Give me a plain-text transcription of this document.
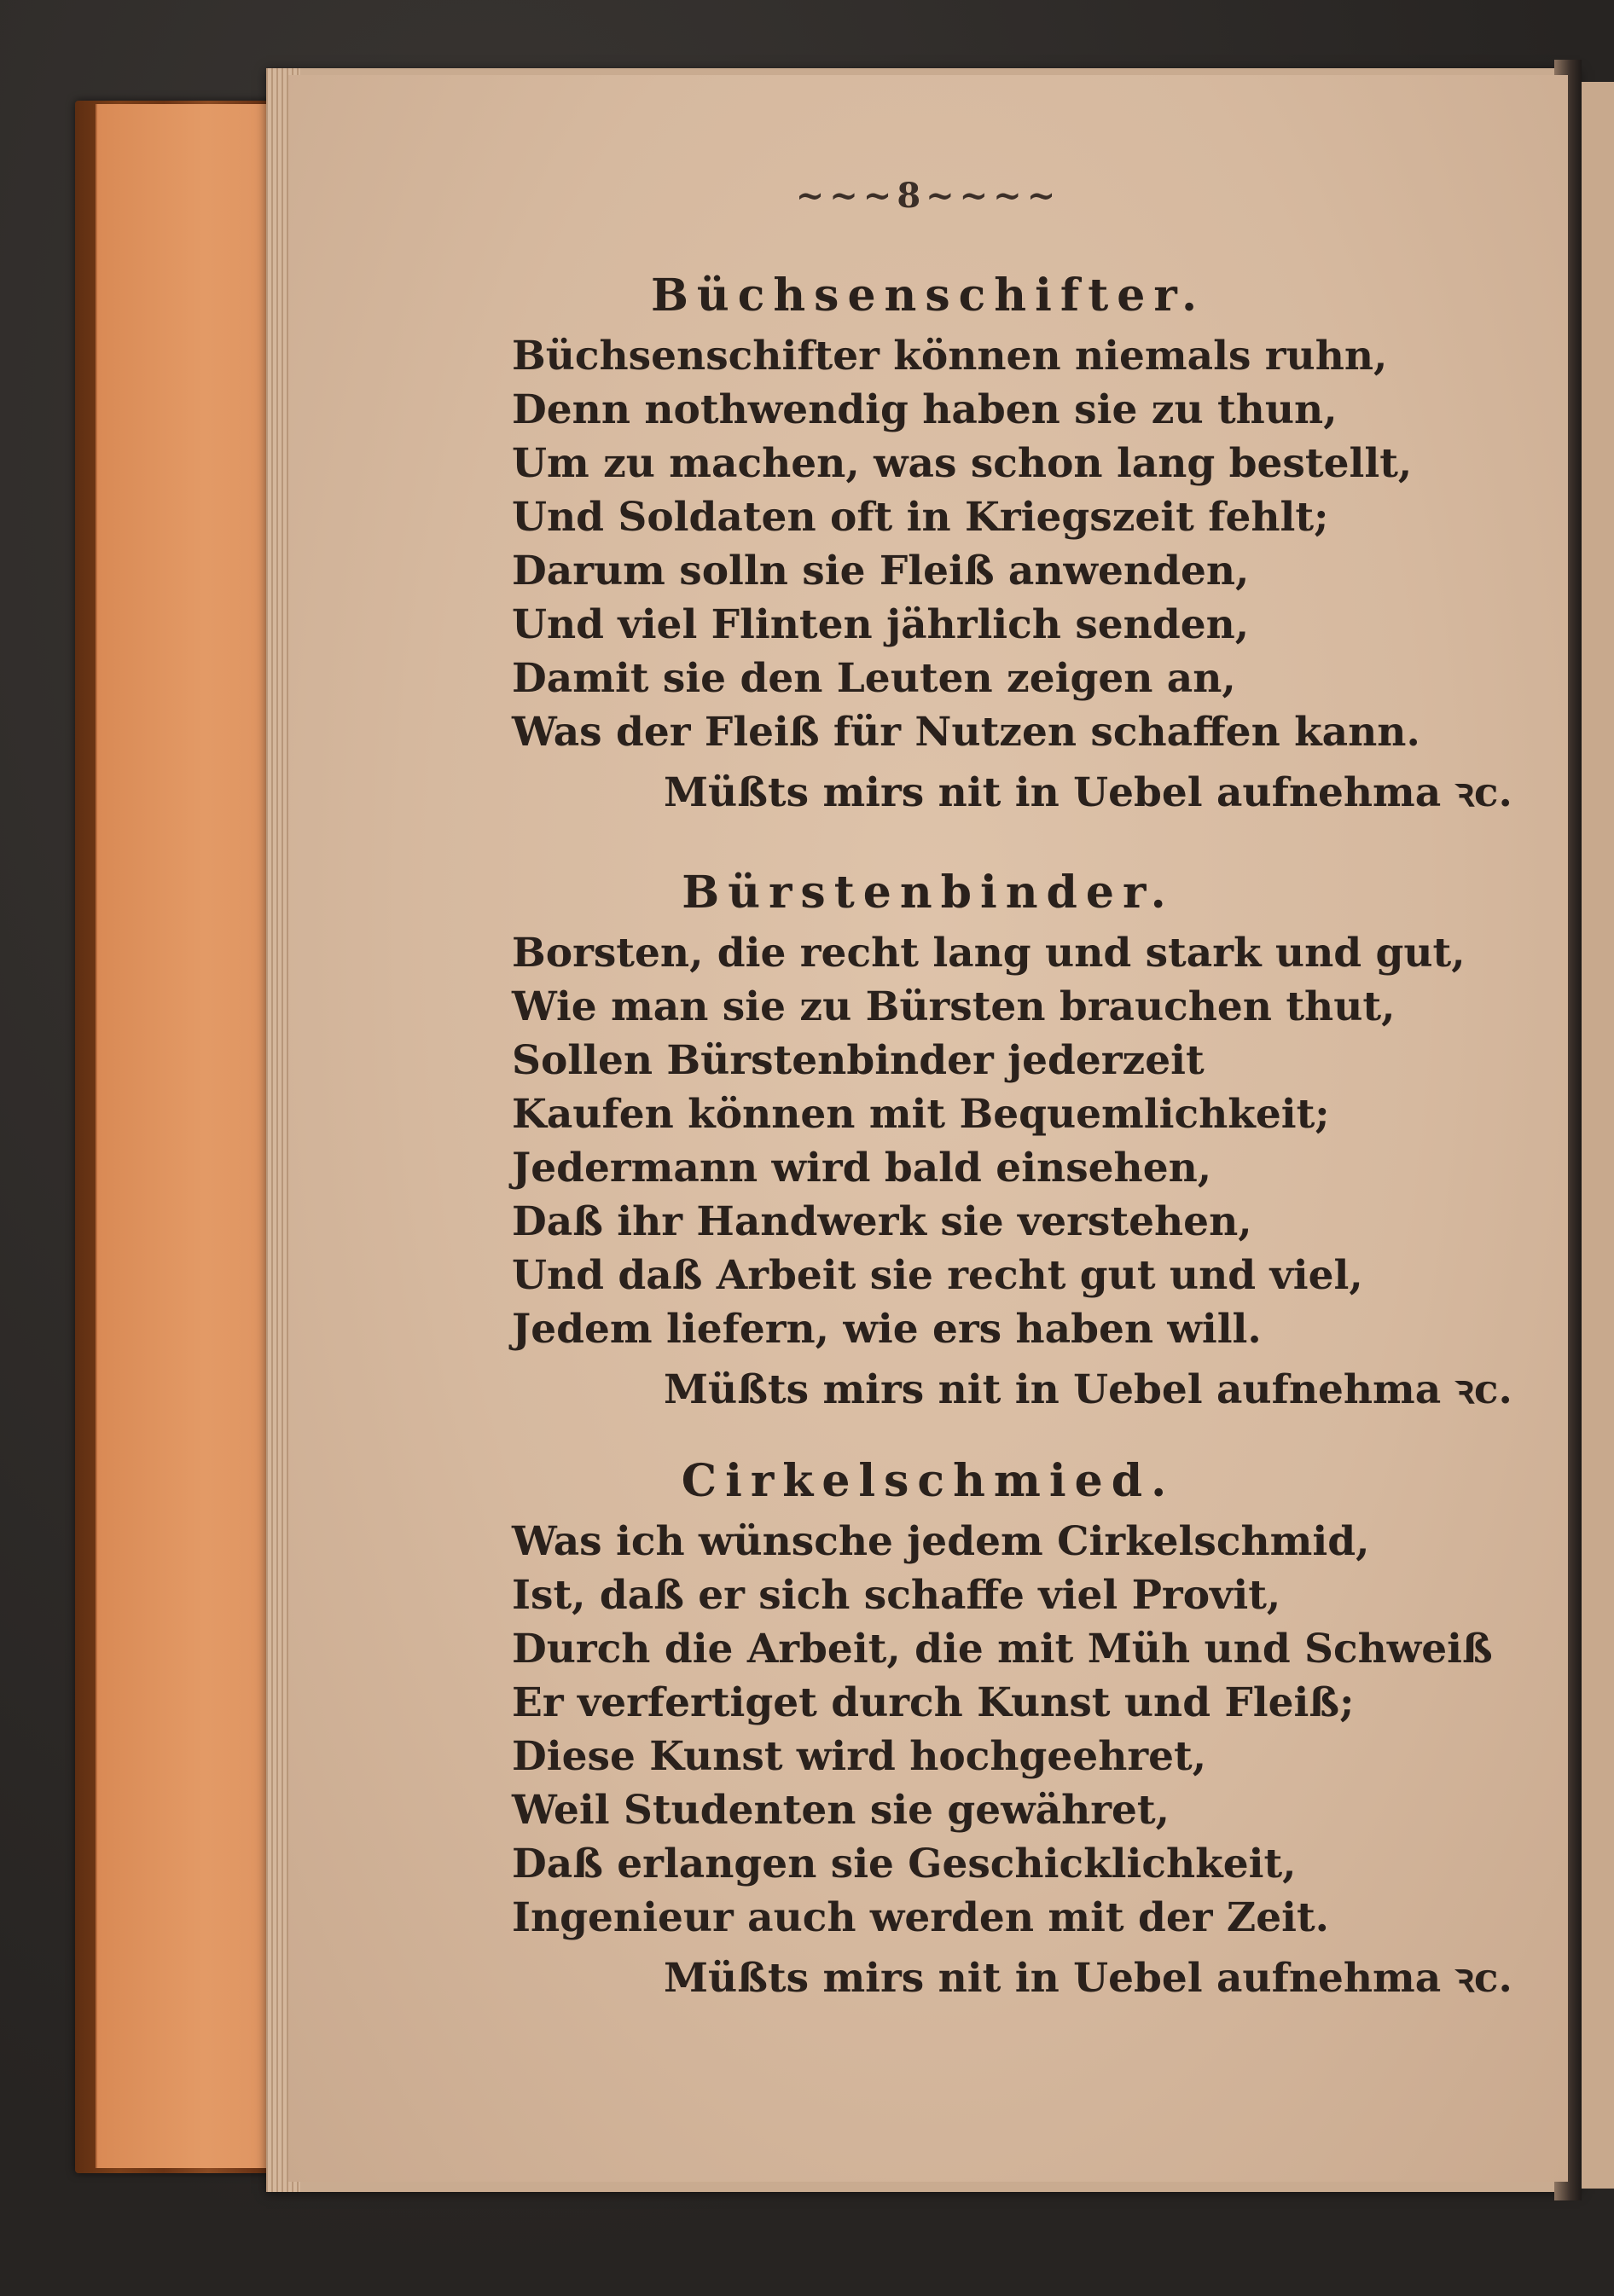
~~~8~~~~
Büchsenschifter.
Büchsenschifter können niemals ruhn,
Denn nothwendig haben sie zu thun,
Um zu machen, was schon lang bestellt,
Und Soldaten oft in Kriegszeit fehlt;
Darum solln sie Fleiß anwenden,
Und viel Flinten jährlich senden,
Damit sie den Leuten zeigen an,
Was der Fleiß für Nutzen schaffen kann.
Müßts mirs nit in Uebel aufnehma ꝛc.
Bürstenbinder.
Borsten, die recht lang und stark und gut,
Wie man sie zu Bürsten brauchen thut,
Sollen Bürstenbinder jederzeit
Kaufen können mit Bequemlichkeit;
Jedermann wird bald einsehen,
Daß ihr Handwerk sie verstehen,
Und daß Arbeit sie recht gut und viel,
Jedem liefern, wie ers haben will.
Müßts mirs nit in Uebel aufnehma ꝛc.
Cirkelschmied.
Was ich wünsche jedem Cirkelschmid,
Ist, daß er sich schaffe viel Provit,
Durch die Arbeit, die mit Müh und Schweiß
Er verfertiget durch Kunst und Fleiß;
Diese Kunst wird hochgeehret,
Weil Studenten sie gewähret,
Daß erlangen sie Geschicklichkeit,
Ingenieur auch werden mit der Zeit.
Müßts mirs nit in Uebel aufnehma ꝛc.
